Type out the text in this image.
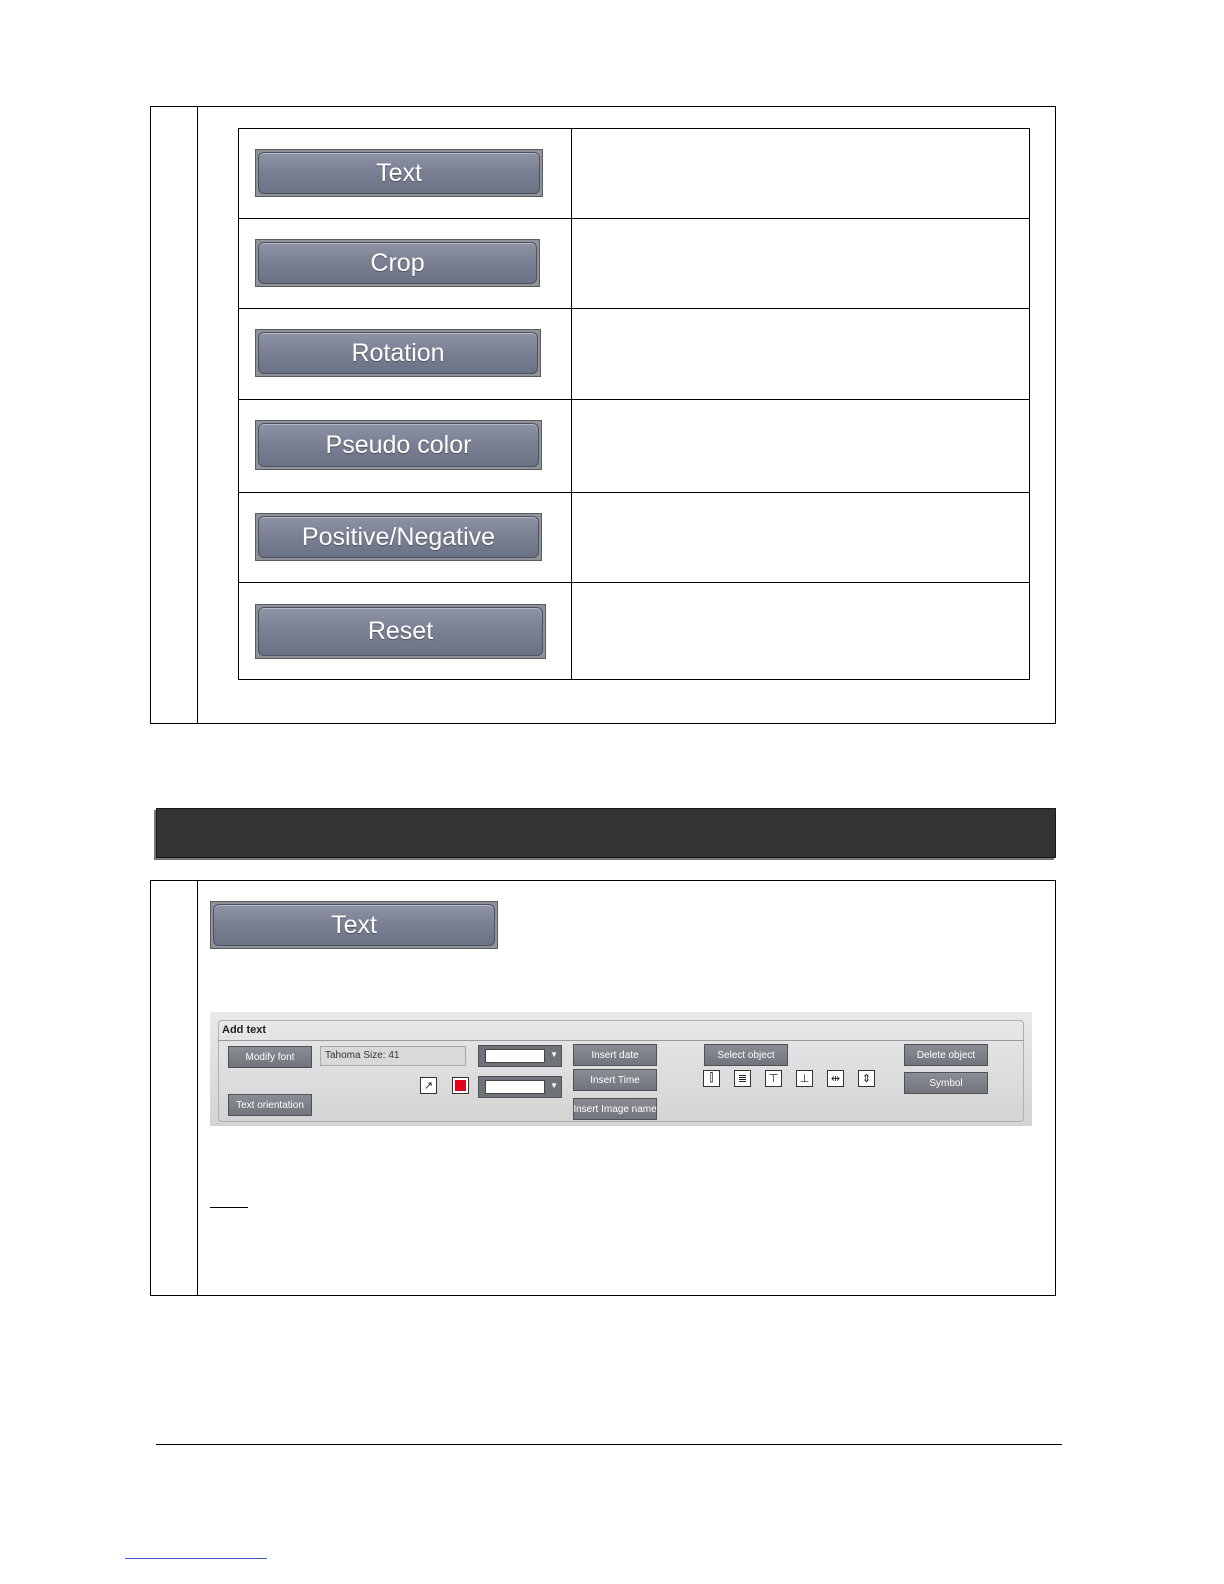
Text	

Crop	

Rotation	

Pseudo color	

Positive/Negative	

Reset	

Text
Add text
Modify font	Tahoma Size: 41
Text orientation
▼
▼
↗
Insert date
Insert Time
Insert Image name
Select object
⫿	≣	⊤	⊥	⇹	⇕
Delete object
Symbol
